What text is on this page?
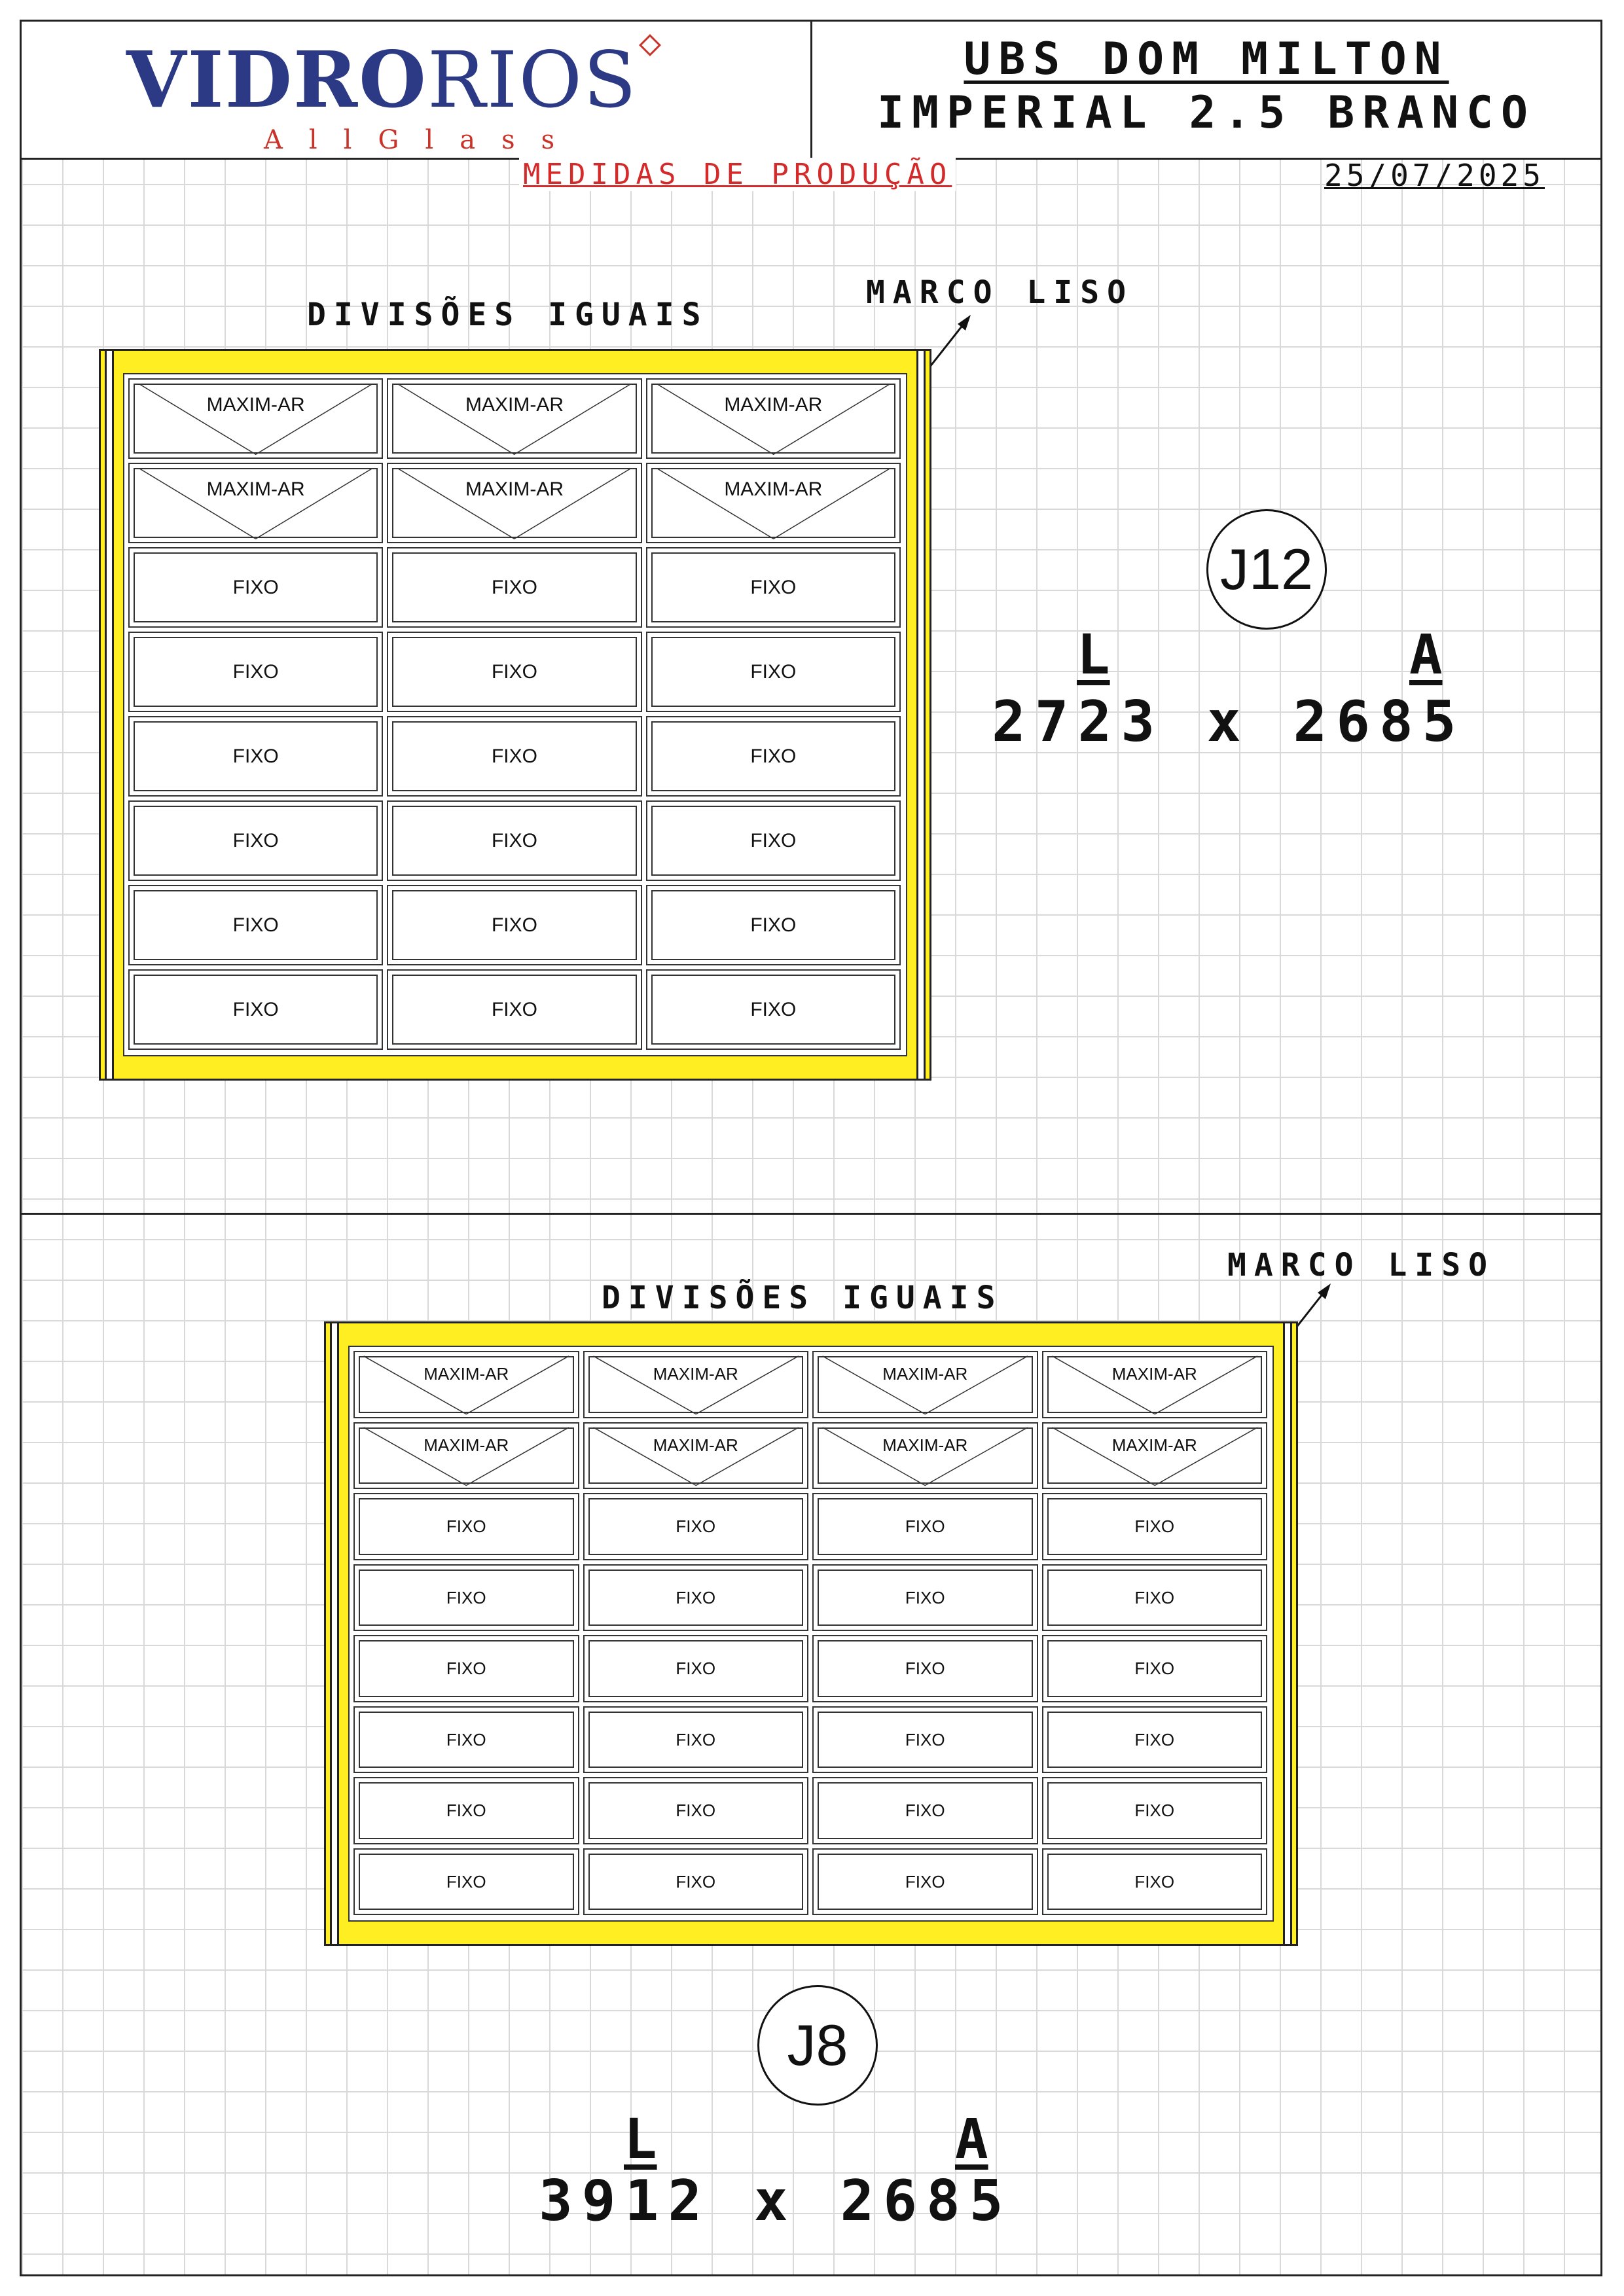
VIDRORIOS
AllGlass
UBS DOM MILTON
IMPERIAL 2.5 BRANCO
MEDIDAS DE PRODUÇÃO	25/07/2025
DIVISÕES IGUAIS
MARCO LISO
MAXIM-AR
MAXIM-AR
FIXO
FIXO
FIXO
FIXO
FIXO
FIXO
MAXIM-AR
MAXIM-AR
FIXO
FIXO
FIXO
FIXO
FIXO
FIXO
MAXIM-AR
MAXIM-AR
FIXO
FIXO
FIXO
FIXO
FIXO
FIXO
J12
L	A
2723 x 2685
DIVISÕES IGUAIS
MARCO LISO
MAXIM-AR
MAXIM-AR
FIXO
FIXO
FIXO
FIXO
FIXO
FIXO
MAXIM-AR
MAXIM-AR
FIXO
FIXO
FIXO
FIXO
FIXO
FIXO
MAXIM-AR
MAXIM-AR
FIXO
FIXO
FIXO
FIXO
FIXO
FIXO
MAXIM-AR
MAXIM-AR
FIXO
FIXO
FIXO
FIXO
FIXO
FIXO
J8
L	A
3912 x 2685
